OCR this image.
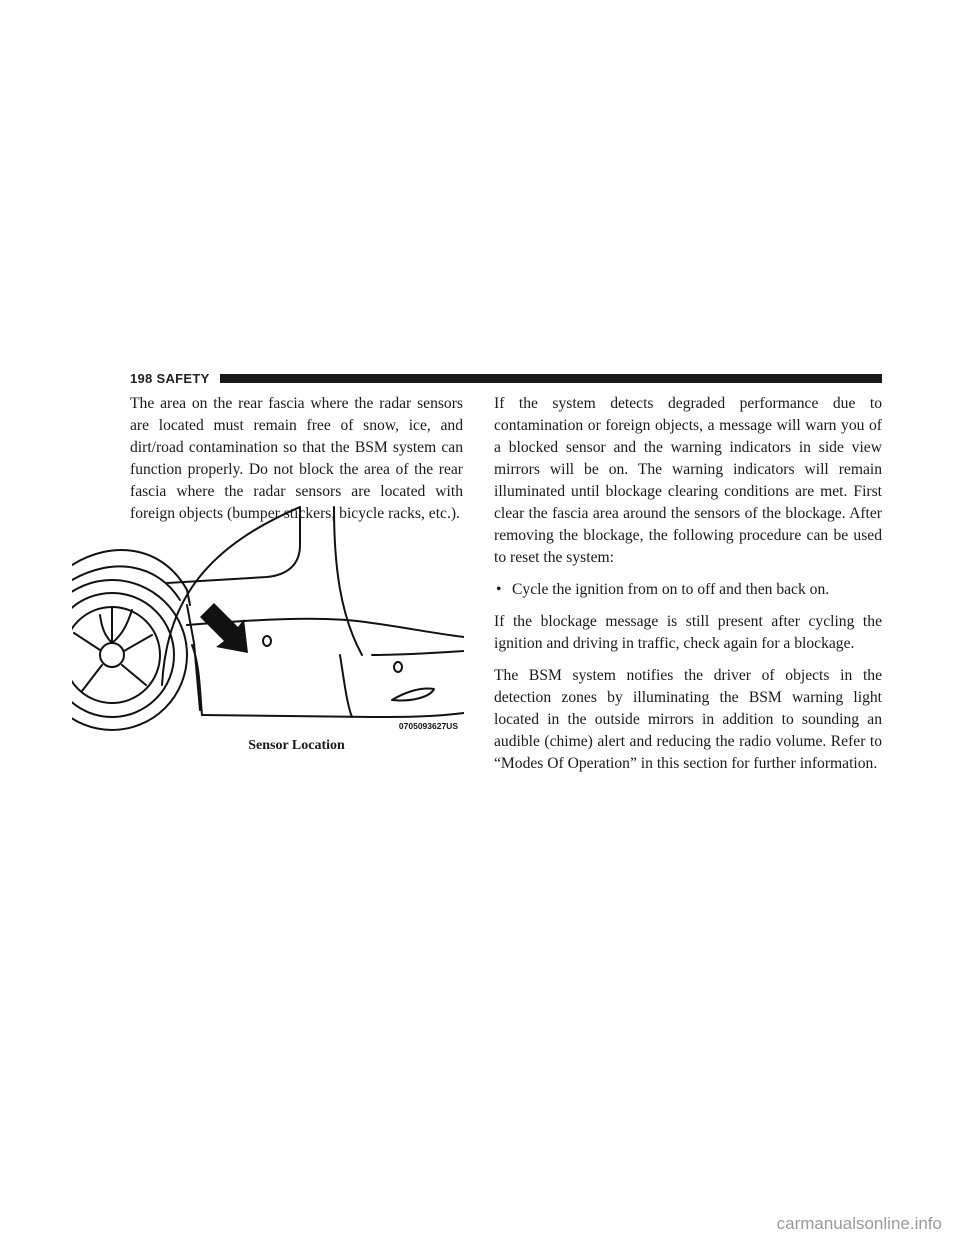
198 SAFETY

The area on the rear fascia where the radar sensors are located must remain free of snow, ice, and dirt/road contamination so that the BSM system can function properly. Do not block the area of the rear fascia where the radar sensors are located with foreign objects (bumper stickers, bicycle racks, etc.).

0705093627US
Sensor Location

If the system detects degraded performance due to contamination or foreign objects, a message will warn you of a blocked sensor and the warning indicators in side view mirrors will be on. The warning indicators will remain illuminated until blockage clearing conditions are met. First clear the fascia area around the sensors of the blockage. After removing the blockage, the following procedure can be used to reset the system:

• Cycle the ignition from on to off and then back on.

If the blockage message is still present after cycling the ignition and driving in traffic, check again for a blockage.

The BSM system notifies the driver of objects in the detection zones by illuminating the BSM warning light located in the outside mirrors in addition to sounding an audible (chime) alert and reducing the radio volume. Refer to “Modes Of Operation” in this section for further information.

carmanualsonline.info
